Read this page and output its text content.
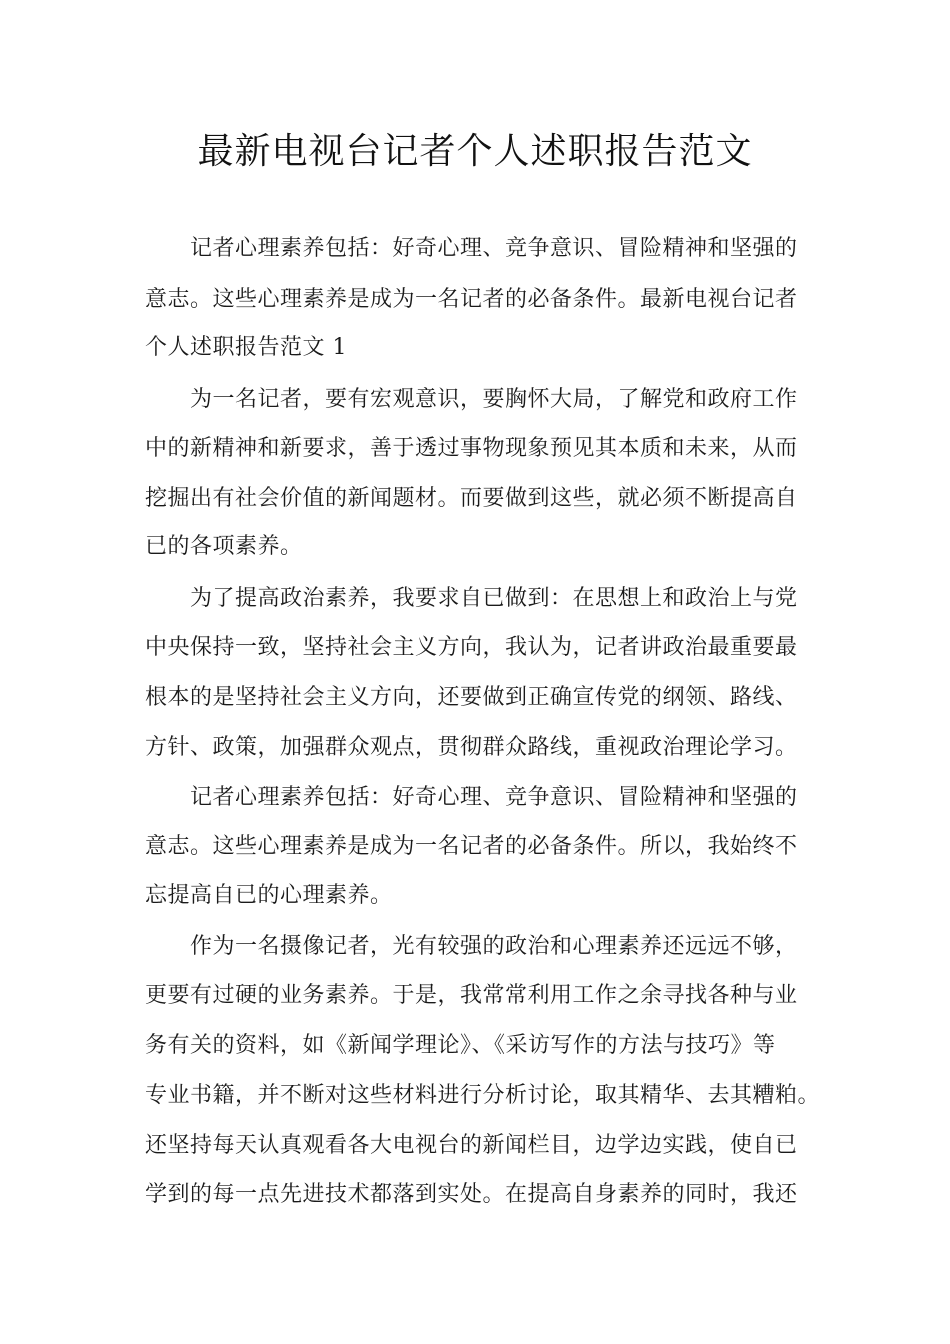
最新电视台记者个人述职报告范文
记者心理素养包括：好奇心理、竞争意识、冒险精神和坚强的
意志。这些心理素养是成为一名记者的必备条件。最新电视台记者
个人述职报告范文 1
为一名记者，要有宏观意识，要胸怀大局，了解党和政府工作
中的新精神和新要求，善于透过事物现象预见其本质和未来，从而
挖掘出有社会价值的新闻题材。而要做到这些，就必须不断提高自
已的各项素养。
为了提高政治素养，我要求自已做到：在思想上和政治上与党
中央保持一致，坚持社会主义方向，我认为，记者讲政治最重要最
根本的是坚持社会主义方向，还要做到正确宣传党的纲领、路线、
方针、政策，加强群众观点，贯彻群众路线，重视政治理论学习。
记者心理素养包括：好奇心理、竞争意识、冒险精神和坚强的
意志。这些心理素养是成为一名记者的必备条件。所以，我始终不
忘提高自已的心理素养。
作为一名摄像记者，光有较强的政治和心理素养还远远不够，
更要有过硬的业务素养。于是，我常常利用工作之余寻找各种与业
务有关的资料，如《新闻学理论》、《采访写作的方法与技巧》等
专业书籍，并不断对这些材料进行分析讨论，取其精华、去其糟粕。
还坚持每天认真观看各大电视台的新闻栏目，边学边实践，使自已
学到的每一点先进技术都落到实处。在提高自身素养的同时，我还
